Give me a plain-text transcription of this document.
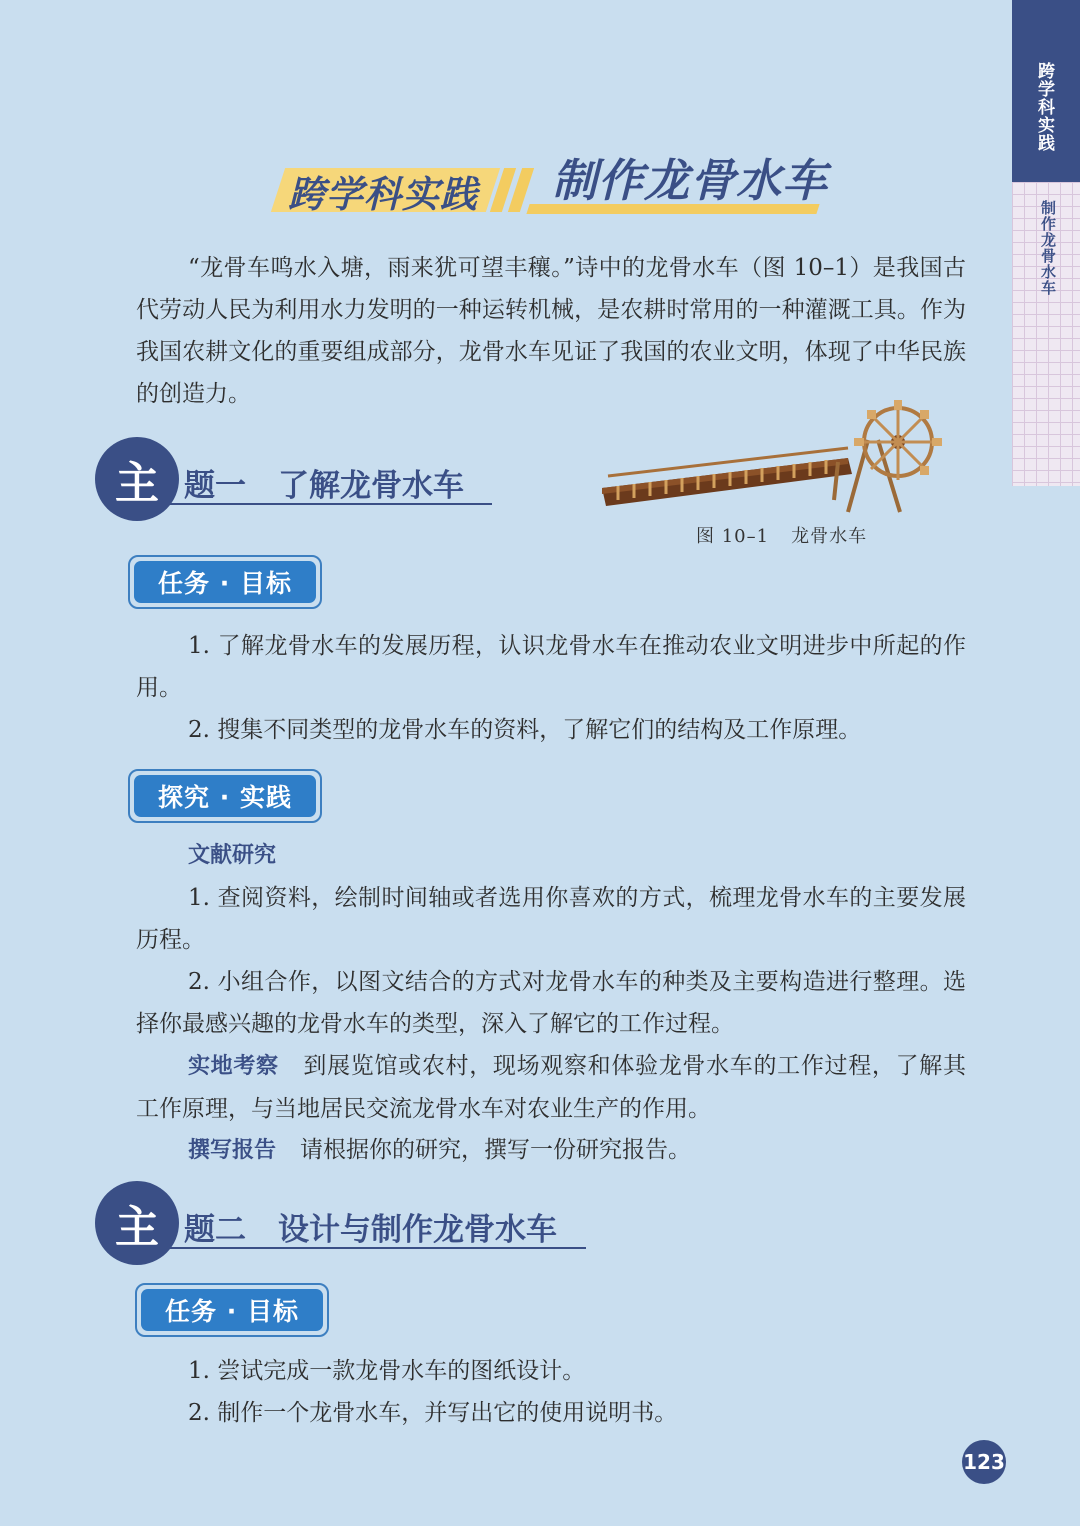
跨学科实践
制作龙骨水车
跨学科实践 制作龙骨水车

“龙骨车鸣水入塘，雨来犹可望丰穰。”诗中的龙骨水车（图 10–1）是我国古代劳动人民为利用水力发明的一种运转机械，是农耕时常用的一种灌溉工具。作为我国农耕文化的重要组成部分，龙骨水车见证了我国的农业文明，体现了中华民族的创造力。

图 10–1 龙骨水车
主 题一 了解龙骨水车
任务 · 目标

1. 了解龙骨水车的发展历程，认识龙骨水车在推动农业文明进步中所起的作用。

2. 搜集不同类型的龙骨水车的资料，了解它们的结构及工作原理。

探究 · 实践

文献研究

1. 查阅资料，绘制时间轴或者选用你喜欢的方式，梳理龙骨水车的主要发展历程。

2. 小组合作，以图文结合的方式对龙骨水车的种类及主要构造进行整理。选择你最感兴趣的龙骨水车的类型，深入了解它的工作过程。

实地考察 到展览馆或农村，现场观察和体验龙骨水车的工作过程，了解其工作原理，与当地居民交流龙骨水车对农业生产的作用。

撰写报告 请根据你的研究，撰写一份研究报告。

主 题二 设计与制作龙骨水车
任务 · 目标

1. 尝试完成一款龙骨水车的图纸设计。

2. 制作一个龙骨水车，并写出它的使用说明书。

123
